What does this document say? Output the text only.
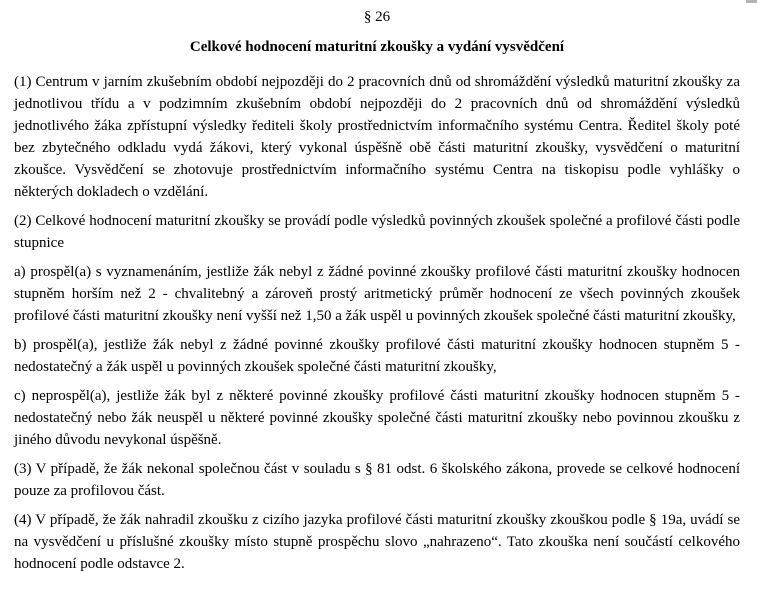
§ 26
Celkové hodnocení maturitní zkoušky a vydání vysvědčení

(1) Centrum v jarním zkušebním období nejpozději do 2 pracovních dnů od shromáždění výsledků maturitní zkoušky za jednotlivou třídu a v podzimním zkušebním období nejpozději do 2 pracovních dnů od shromáždění výsledků jednotlivého žáka zpřístupní výsledky řediteli školy prostřednictvím informačního systému Centra. Ředitel školy poté bez zbytečného odkladu vydá žákovi, který vykonal úspěšně obě části maturitní zkoušky, vysvědčení o maturitní zkoušce. Vysvědčení se zhotovuje prostřednictvím informačního systému Centra na tiskopisu podle vyhlášky o některých dokladech o vzdělání.

(2) Celkové hodnocení maturitní zkoušky se provádí podle výsledků povinných zkoušek společné a profilové části podle stupnice

a) prospěl(a) s vyznamenáním, jestliže žák nebyl z žádné povinné zkoušky profilové části maturitní zkoušky hodnocen stupněm horším než 2 - chvalitebný a zároveň prostý aritmetický průměr hodnocení ze všech povinných zkoušek profilové části maturitní zkoušky není vyšší než 1,50 a žák uspěl u povinných zkoušek společné části maturitní zkoušky,

b) prospěl(a), jestliže žák nebyl z žádné povinné zkoušky profilové části maturitní zkoušky hodnocen stupněm 5 - nedostatečný a žák uspěl u povinných zkoušek společné části maturitní zkoušky,

c) neprospěl(a), jestliže žák byl z některé povinné zkoušky profilové části maturitní zkoušky hodnocen stupněm 5 - nedostatečný nebo žák neuspěl u některé povinné zkoušky společné části maturitní zkoušky nebo povinnou zkoušku z jiného důvodu nevykonal úspěšně.

(3) V případě, že žák nekonal společnou část v souladu s § 81 odst. 6 školského zákona, provede se celkové hodnocení pouze za profilovou část.

(4) V případě, že žák nahradil zkoušku z cizího jazyka profilové části maturitní zkoušky zkouškou podle § 19a, uvádí se na vysvědčení u příslušné zkoušky místo stupně prospěchu slovo „nahrazeno“. Tato zkouška není součástí celkového hodnocení podle odstavce 2.
